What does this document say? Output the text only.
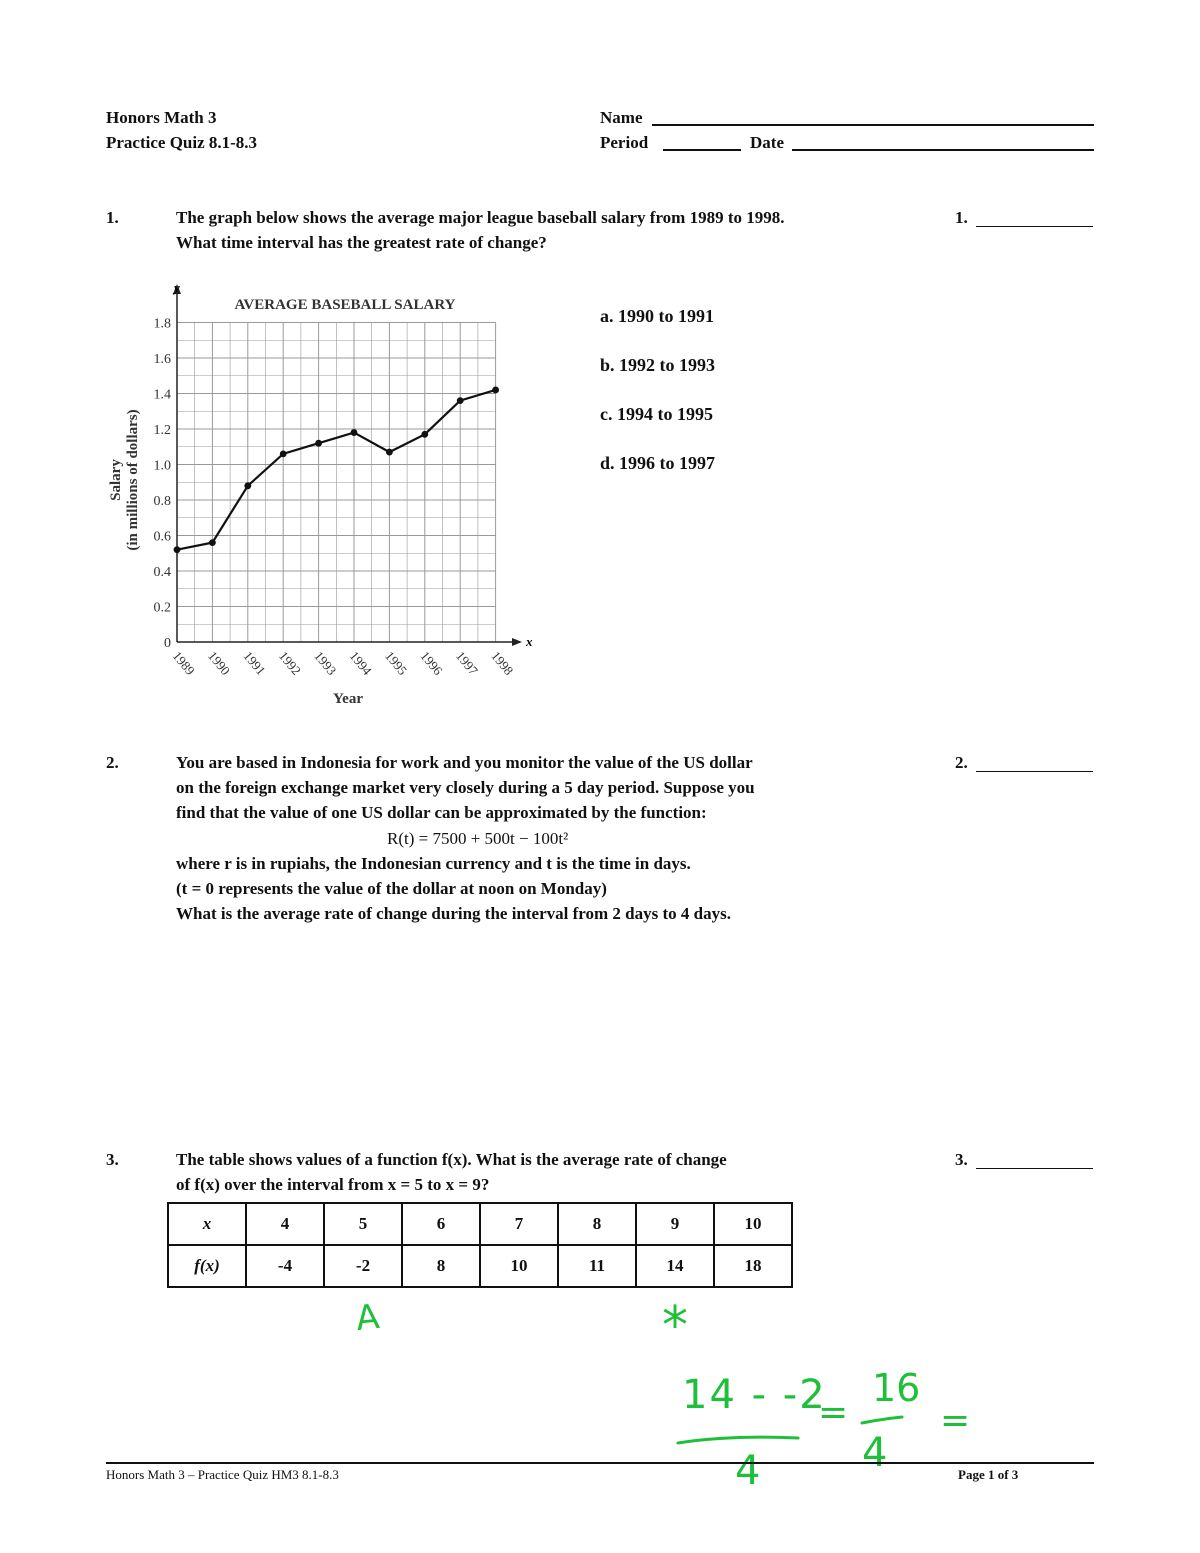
Honors Math 3
Practice Quiz 8.1-8.3
Name
Period	Date
1.	The graph below shows the average major league baseball salary from 1989 to 1998.
What time interval has the greatest rate of change?
1.
0
0.2
0.4
0.6
0.8
1.0
1.2
1.4
1.6
1.8
1989 1990 1991 1992 1993 1994 1995 1996 1997 1998
AVERAGE BASEBALL SALARY
y
x
Year
Salary (in millions of dollars)
a. 1990 to 1991
b. 1992 to 1993
c. 1994 to 1995
d. 1996 to 1997
2.	You are based in Indonesia for work and you monitor the value of the US dollar
on the foreign exchange market very closely during a 5 day period. Suppose you
find that the value of one US dollar can be approximated by the function:
R(t) = 7500 + 500t − 100t²
where r is in rupiahs, the Indonesian currency and t is the time in days.
(t = 0 represents the value of the dollar at noon on Monday)
What is the average rate of change during the interval from 2 days to 4 days.
2.
3.	The table shows values of a function f(x). What is the average rate of change
of f(x) over the interval from x = 5 to x = 9?
3.
x	4	5	6	7	8	9	10
f(x)	-4	-2	8	10	11	14	18
A	*
14 - -2
=
16
=
4	4
Honors Math 3 – Practice Quiz HM3 8.1-8.3	Page 1 of 3
